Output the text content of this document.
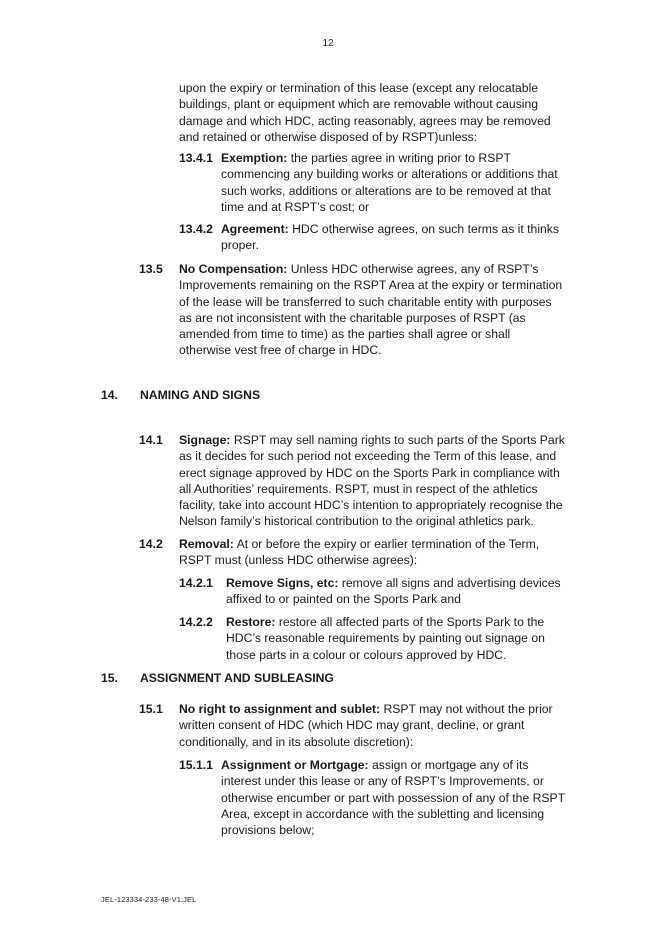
12
upon the expiry or termination of this lease (except any relocatable buildings, plant or equipment which are removable without causing damage and which HDC, acting reasonably, agrees may be removed and retained or otherwise disposed of by RSPT)unless:
13.4.1 Exemption: the parties agree in writing prior to RSPT commencing any building works or alterations or additions that such works, additions or alterations are to be removed at that time and at RSPT’s cost; or
13.4.2 Agreement: HDC otherwise agrees, on such terms as it thinks proper.
13.5 No Compensation: Unless HDC otherwise agrees, any of RSPT’s Improvements remaining on the RSPT Area at the expiry or termination of the lease will be transferred to such charitable entity with purposes as are not inconsistent with the charitable purposes of RSPT (as amended from time to time) as the parties shall agree or shall otherwise vest free of charge in HDC.
14. NAMING AND SIGNS
14.1 Signage: RSPT may sell naming rights to such parts of the Sports Park as it decides for such period not exceeding the Term of this lease, and erect signage approved by HDC on the Sports Park in compliance with all Authorities’ requirements. RSPT, must in respect of the athletics facility, take into account HDC’s intention to appropriately recognise the Nelson family’s historical contribution to the original athletics park.
14.2 Removal: At or before the expiry or earlier termination of the Term, RSPT must (unless HDC otherwise agrees):
14.2.1 Remove Signs, etc: remove all signs and advertising devices affixed to or painted on the Sports Park and
14.2.2 Restore: restore all affected parts of the Sports Park to the HDC’s reasonable requirements by painting out signage on those parts in a colour or colours approved by HDC.
15. ASSIGNMENT AND SUBLEASING
15.1 No right to assignment and sublet: RSPT may not without the prior written consent of HDC (which HDC may grant, decline, or grant conditionally, and in its absolute discretion):
15.1.1 Assignment or Mortgage: assign or mortgage any of its interest under this lease or any of RSPT’s Improvements, or otherwise encumber or part with possession of any of the RSPT Area, except in accordance with the subletting and licensing provisions below;
JEL-123334-233-48-V1:JEL
